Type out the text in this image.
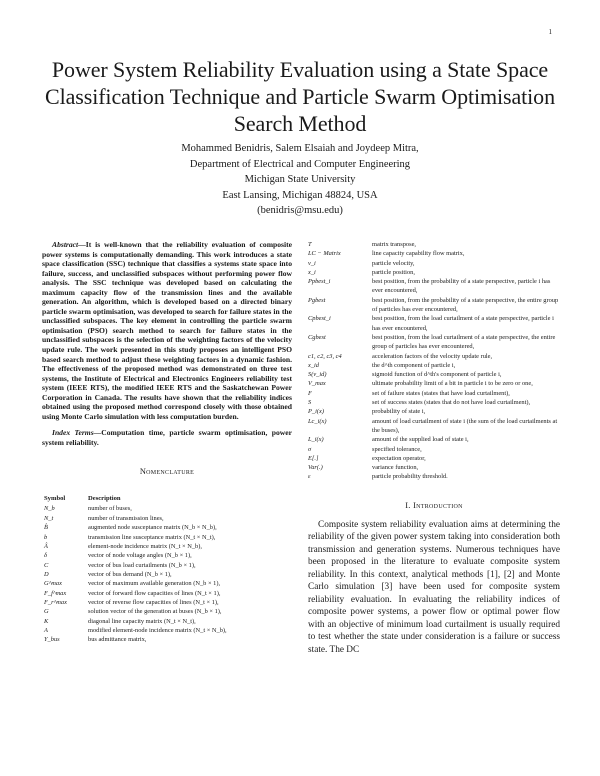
1
Power System Reliability Evaluation using a State Space Classification Technique and Particle Swarm Optimisation Search Method
Mohammed Benidris, Salem Elsaiah and Joydeep Mitra,
Department of Electrical and Computer Engineering
Michigan State University
East Lansing, Michigan 48824, USA
(benidris@msu.edu)

Abstract—It is well-known that the reliability evaluation of composite power systems is computationally demanding. This work introduces a state space classification (SSC) technique that classifies a systems state space into failure, success, and unclassified subspaces without performing power flow analysis. The SSC technique was developed based on calculating the maximum capacity flow of the transmission lines and the available generation. An algorithm, which is developed based on a directed binary particle swarm optimisation, was developed to search for failure states in the unclassified subspaces. The key element in controlling the particle swarm optimisation (PSO) search method to search for failure states in the unclassified subspaces is the selection of the weighting factors of the velocity update rule. The work presented in this study proposes an intelligent PSO based search method to adjust these weighting factors in a dynamic fashion. The effectiveness of the proposed method was demonstrated on three test systems, the Institute of Electrical and Electronics Engineers reliability test system (IEEE RTS), the modified IEEE RTS and the Saskatchewan Power Corporation in Canada. The results have shown that the reliability indices obtained using the proposed method correspond closely with those obtained using Monte Carlo simulation with less computation burden.

Index Terms—Computation time, particle swarm optimisation, power system reliability.

Nomenclature
Symbol	Description
N_b	number of buses,
N_t	number of transmission lines,
B̂	augmented node susceptance matrix (N_b × N_b),
b	transmission line susceptance matrix (N_t × N_t),
Â	element-node incidence matrix (N_t × N_b),
δ	vector of node voltage angles (N_b × 1),
C	vector of bus load curtailments (N_b × 1),
D	vector of bus demand (N_b × 1),
G^max	vector of maximum available generation (N_b × 1),
F_f^max	vector of forward flow capacities of lines (N_t × 1),
F_r^max	vector of reverse flow capacities of lines (N_t × 1),
G	solution vector of the generation at buses (N_b × 1),
K	diagonal line capacity matrix (N_t × N_t),
A	modified element-node incidence matrix (N_t × N_b),
Y_bus	bus admittance matrix,
T	matrix transpose,
LC − Matrix	line capacity capability flow matrix,
v_i	particle velocity,
x_i	particle position,
Ppbest_i	best position, from the probability of a state perspective, particle i has ever encountered,
Pgbest	best position, from the probability of a state perspective, the entire group of particles has ever encountered,
Cpbest_i	best position, from the load curtailment of a state perspective, particle i has ever encountered,
Cgbest	best position, from the load curtailment of a state perspective, the entire group of particles has ever encountered,
c1, c2, c3, c4	acceleration factors of the velocity update rule,
x_id	the d^th component of particle i,
S(v_id)	sigmoid function of d^th's component of particle i,
V_max	ultimate probability limit of a bit in particle i to be zero or one,
F	set of failure states (states that have load curtailment),
S	set of success states (states that do not have load curtailment),
P_i(x)	probability of state i,
Lc_i(x)	amount of load curtailment of state i (the sum of the load curtailments at the buses),
L_i(x)	amount of the supplied load of state i,
σ	specified tolerance,
E[.]	expectation operator,
Var(.)	variance function,
ε	particle probability threshold.
I. Introduction

Composite system reliability evaluation aims at determining the reliability of the given power system taking into consideration both transmission and generation systems. Numerous techniques have been proposed in the literature to evaluate composite system reliability. In this context, analytical methods [1], [2] and Monte Carlo simulation [3] have been used for composite system reliability evaluation. In evaluating the reliability indices of composite power systems, a power flow or optimal power flow with an objective of minimum load curtailment is usually required to test whether the state under consideration is a failure or success state. The DC
